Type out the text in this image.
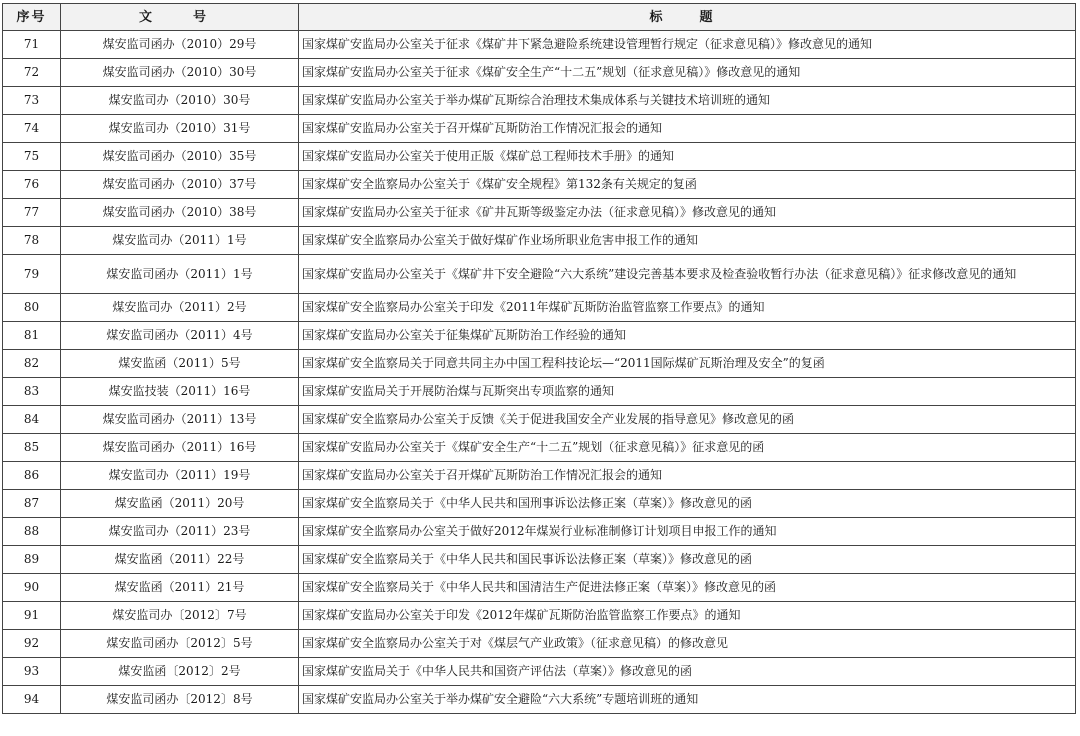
序号	文　号	标　题
71	煤安监司函办（2010）29号	国家煤矿安监局办公室关于征求《煤矿井下紧急避险系统建设管理暂行规定（征求意见稿）》修改意见的通知
72	煤安监司函办（2010）30号	国家煤矿安监局办公室关于征求《煤矿安全生产“十二五”规划（征求意见稿）》修改意见的通知
73	煤安监司办（2010）30号	国家煤矿安监局办公室关于举办煤矿瓦斯综合治理技术集成体系与关键技术培训班的通知
74	煤安监司办（2010）31号	国家煤矿安监局办公室关于召开煤矿瓦斯防治工作情况汇报会的通知
75	煤安监司函办（2010）35号	国家煤矿安监局办公室关于使用正版《煤矿总工程师技术手册》的通知
76	煤安监司函办（2010）37号	国家煤矿安全监察局办公室关于《煤矿安全规程》第132条有关规定的复函
77	煤安监司函办（2010）38号	国家煤矿安监局办公室关于征求《矿井瓦斯等级鉴定办法（征求意见稿）》修改意见的通知
78	煤安监司办（2011）1号	国家煤矿安全监察局办公室关于做好煤矿作业场所职业危害申报工作的通知
79	煤安监司函办（2011）1号	国家煤矿安监局办公室关于《煤矿井下安全避险“六大系统”建设完善基本要求及检查验收暂行办法（征求意见稿）》征求修改意见的通知
80	煤安监司办（2011）2号	国家煤矿安全监察局办公室关于印发《2011年煤矿瓦斯防治监管监察工作要点》的通知
81	煤安监司函办（2011）4号	国家煤矿安监局办公室关于征集煤矿瓦斯防治工作经验的通知
82	煤安监函（2011）5号	国家煤矿安全监察局关于同意共同主办中国工程科技论坛—“2011国际煤矿瓦斯治理及安全”的复函
83	煤安监技装（2011）16号	国家煤矿安监局关于开展防治煤与瓦斯突出专项监察的通知
84	煤安监司函办（2011）13号	国家煤矿安全监察局办公室关于反馈《关于促进我国安全产业发展的指导意见》修改意见的函
85	煤安监司函办（2011）16号	国家煤矿安监局办公室关于《煤矿安全生产“十二五”规划（征求意见稿）》征求意见的函
86	煤安监司办（2011）19号	国家煤矿安监局办公室关于召开煤矿瓦斯防治工作情况汇报会的通知
87	煤安监函（2011）20号	国家煤矿安全监察局关于《中华人民共和国刑事诉讼法修正案（草案）》修改意见的函
88	煤安监司办（2011）23号	国家煤矿安全监察局办公室关于做好2012年煤炭行业标准制修订计划项目申报工作的通知
89	煤安监函（2011）22号	国家煤矿安全监察局关于《中华人民共和国民事诉讼法修正案（草案）》修改意见的函
90	煤安监函（2011）21号	国家煤矿安全监察局关于《中华人民共和国清洁生产促进法修正案（草案）》修改意见的函
91	煤安监司办〔2012〕7号	国家煤矿安监局办公室关于印发《2012年煤矿瓦斯防治监管监察工作要点》的通知
92	煤安监司函办〔2012〕5号	国家煤矿安全监察局办公室关于对《煤层气产业政策》（征求意见稿）的修改意见
93	煤安监函〔2012〕2号	国家煤矿安监局关于《中华人民共和国资产评估法（草案）》修改意见的函
94	煤安监司函办〔2012〕8号	国家煤矿安监局办公室关于举办煤矿安全避险“六大系统”专题培训班的通知
